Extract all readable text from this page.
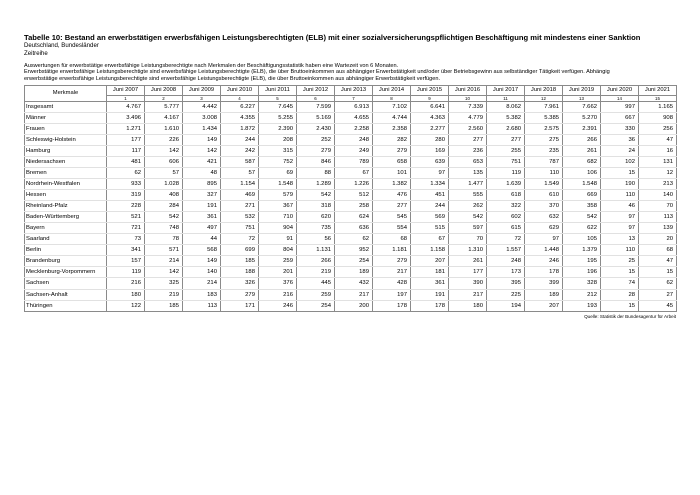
Tabelle 10: Bestand an erwerbstätigen erwerbsfähigen Leistungsberechtigten (ELB) mit einer sozialversicherungspflichtigen Beschäftigung mit mindestens einer Sanktion
Deutschland, Bundesländer
Zeitreihe
Auswertungen für erwerbstätige erwerbsfähige Leistungsberechtigte nach Merkmalen der Beschäftigungsstatistik haben eine Wartezeit von 6 Monaten.
Erwerbstätige erwerbsfähige Leistungsberechtigte sind erwerbsfähige Leistungsberechtigte (ELB), die über Bruttoeinkommen aus abhängiger Erwerbstätigkeit und/oder über Betriebsgewinn aus selbständiger Tätigkeit verfügen. Abhängig
erwerbstätige erwerbsfähige Leistungsberechtigte sind erwerbsfähige Leistungsberechtigte (ELB), die über Bruttoeinkommen aus abhängiger Erwerbstätigkeit verfügen.
Merkmale	Juni 2007	Juni 2008	Juni 2009	Juni 2010	Juni 2011	Juni 2012	Juni 2013	Juni 2014	Juni 2015	Juni 2016	Juni 2017	Juni 2018	Juni 2019	Juni 2020	Juni 2021
	1	2	3	4	5	6	7	8	9	10	11	12	13	14	15
Insgesamt	4.767	5.777	4.442	6.227	7.645	7.599	6.913	7.102	6.641	7.339	8.062	7.961	7.662	997	1.165
Männer	3.496	4.167	3.008	4.355	5.255	5.169	4.655	4.744	4.363	4.779	5.382	5.385	5.270	667	908
Frauen	1.271	1.610	1.434	1.872	2.390	2.430	2.258	2.358	2.277	2.560	2.680	2.575	2.391	330	256
Schleswig-Holstein	177	226	149	244	208	252	248	282	280	277	277	275	266	36	47
Hamburg	117	142	142	242	315	279	249	279	169	236	255	235	261	24	16
Niedersachsen	481	606	421	587	752	846	789	658	639	653	751	787	682	102	131
Bremen	62	57	48	57	69	88	67	101	97	135	119	110	106	15	12
Nordrhein-Westfalen	933	1.028	895	1.154	1.548	1.289	1.226	1.382	1.334	1.477	1.639	1.549	1.548	190	213
Hessen	319	408	327	469	579	542	512	476	451	555	618	610	669	110	140
Rheinland-Pfalz	228	284	191	271	367	318	258	277	244	262	322	370	358	46	70
Baden-Württemberg	521	542	361	532	710	620	624	545	569	542	602	632	542	97	113
Bayern	721	748	497	751	904	735	636	554	515	597	615	629	622	97	139
Saarland	73	78	44	72	91	56	62	68	67	70	72	97	105	13	20
Berlin	341	571	568	699	804	1.131	952	1.181	1.158	1.310	1.557	1.448	1.379	110	68
Brandenburg	157	214	149	185	259	266	254	279	207	261	248	246	195	25	47
Mecklenburg-Vorpommern	119	142	140	188	201	219	189	217	181	177	173	178	196	15	15
Sachsen	216	325	214	326	376	445	432	428	361	390	395	399	328	74	62
Sachsen-Anhalt	180	219	183	279	216	259	217	197	191	217	225	189	212	28	27
Thüringen	122	185	113	171	246	254	200	178	178	180	194	207	193	15	45
Quelle: Statistik der Bundesagentur für Arbeit
